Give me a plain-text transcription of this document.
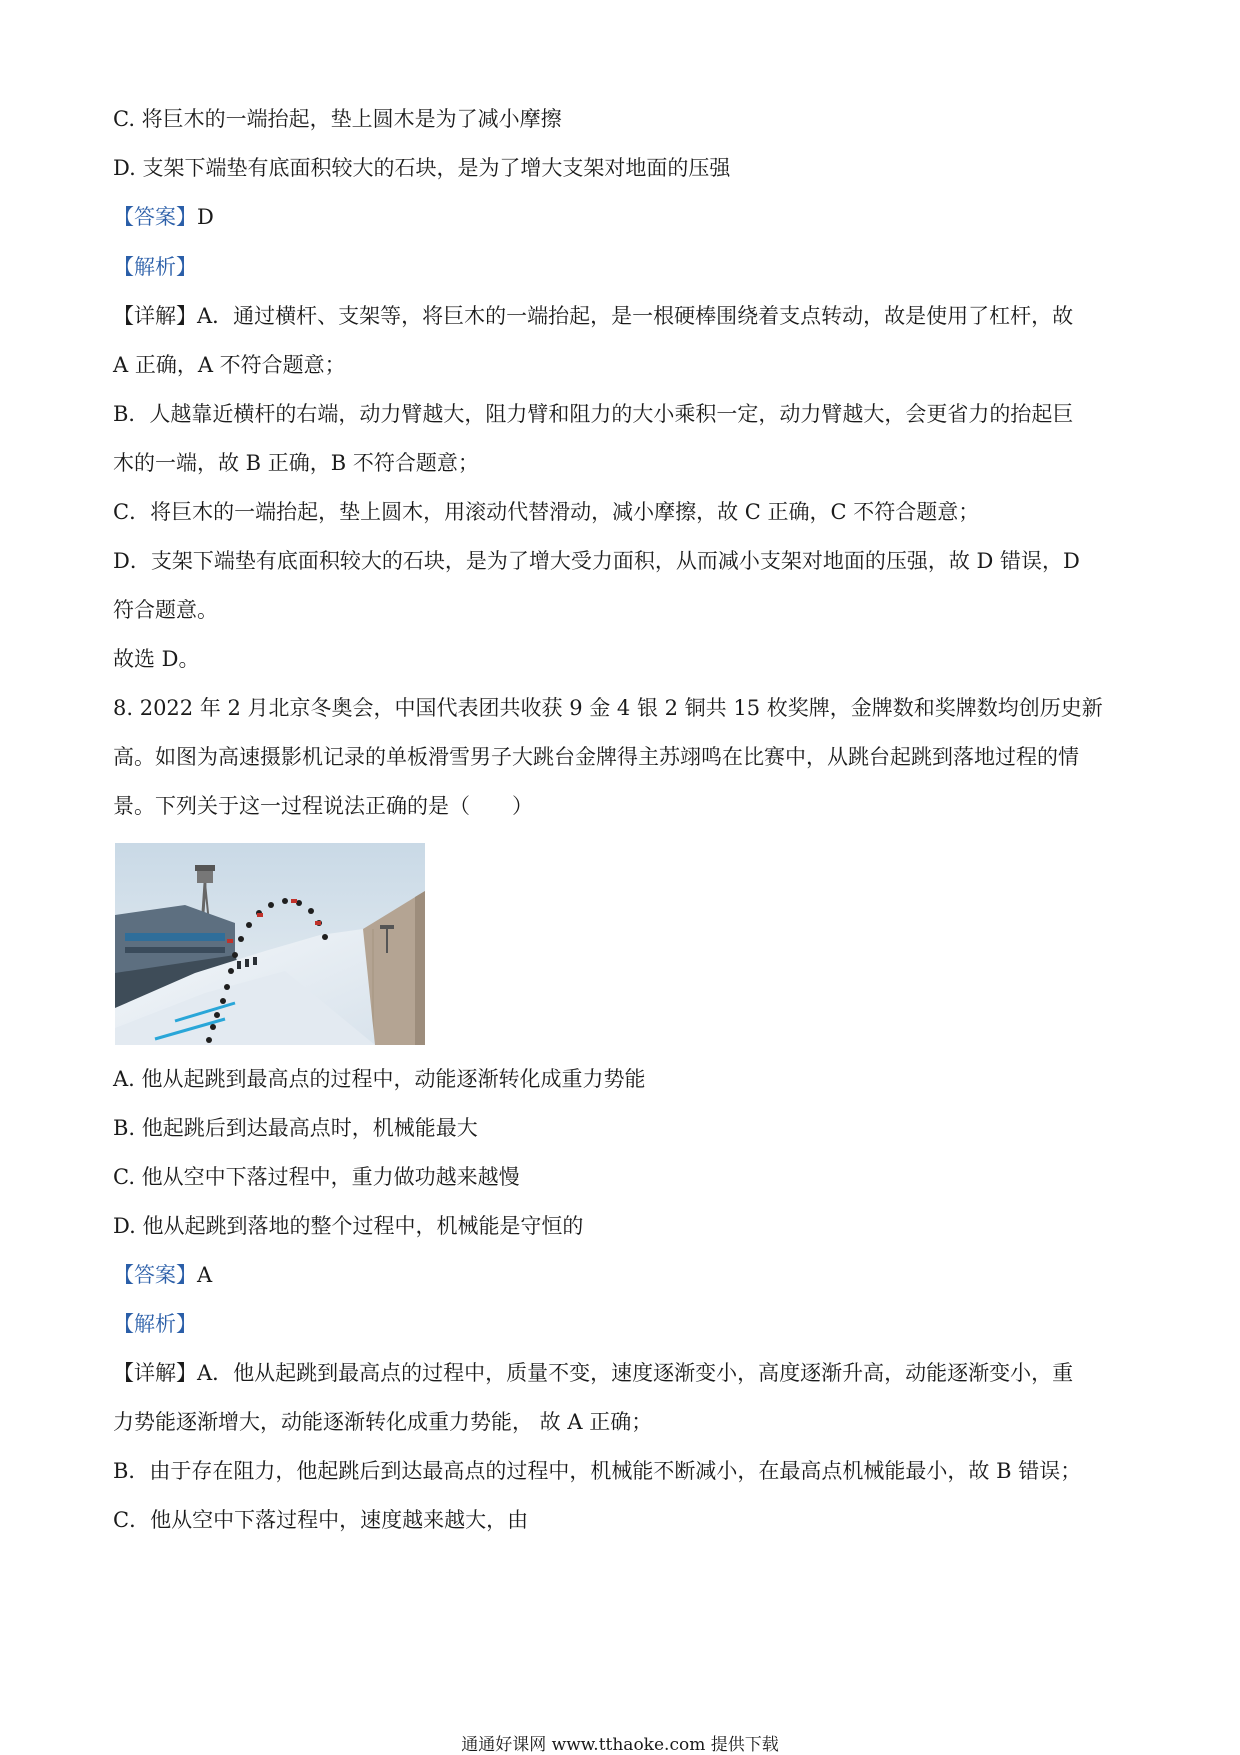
C. 将巨木的一端抬起，垫上圆木是为了减小摩擦
D. 支架下端垫有底面积较大的石块，是为了增大支架对地面的压强
【答案】D
【解析】
【详解】A．通过横杆、支架等，将巨木的一端抬起，是一根硬棒围绕着支点转动，故是使用了杠杆，故
A 正确，A 不符合题意；
B．人越靠近横杆的右端，动力臂越大，阻力臂和阻力的大小乘积一定，动力臂越大，会更省力的抬起巨
木的一端，故 B 正确，B 不符合题意；
C．将巨木的一端抬起，垫上圆木，用滚动代替滑动，减小摩擦，故 C 正确，C 不符合题意；
D．支架下端垫有底面积较大的石块，是为了增大受力面积，从而减小支架对地面的压强，故 D 错误，D
符合题意。
故选 D。
8. 2022 年 2 月北京冬奥会，中国代表团共收获 9 金 4 银 2 铜共 15 枚奖牌，金牌数和奖牌数均创历史新
高。如图为高速摄影机记录的单板滑雪男子大跳台金牌得主苏翊鸣在比赛中，从跳台起跳到落地过程的情
景。下列关于这一过程说法正确的是（　　）
A. 他从起跳到最高点的过程中，动能逐渐转化成重力势能
B. 他起跳后到达最高点时，机械能最大
C. 他从空中下落过程中，重力做功越来越慢
D. 他从起跳到落地的整个过程中，机械能是守恒的
【答案】A
【解析】
【详解】A．他从起跳到最高点的过程中，质量不变，速度逐渐变小，高度逐渐升高，动能逐渐变小，重
力势能逐渐增大，动能逐渐转化成重力势能， 故 A 正确；
B．由于存在阻力，他起跳后到达最高点的过程中，机械能不断减小，在最高点机械能最小，故 B 错误；
C．他从空中下落过程中，速度越来越大，由
通通好课网 www.tthaoke.com 提供下载
